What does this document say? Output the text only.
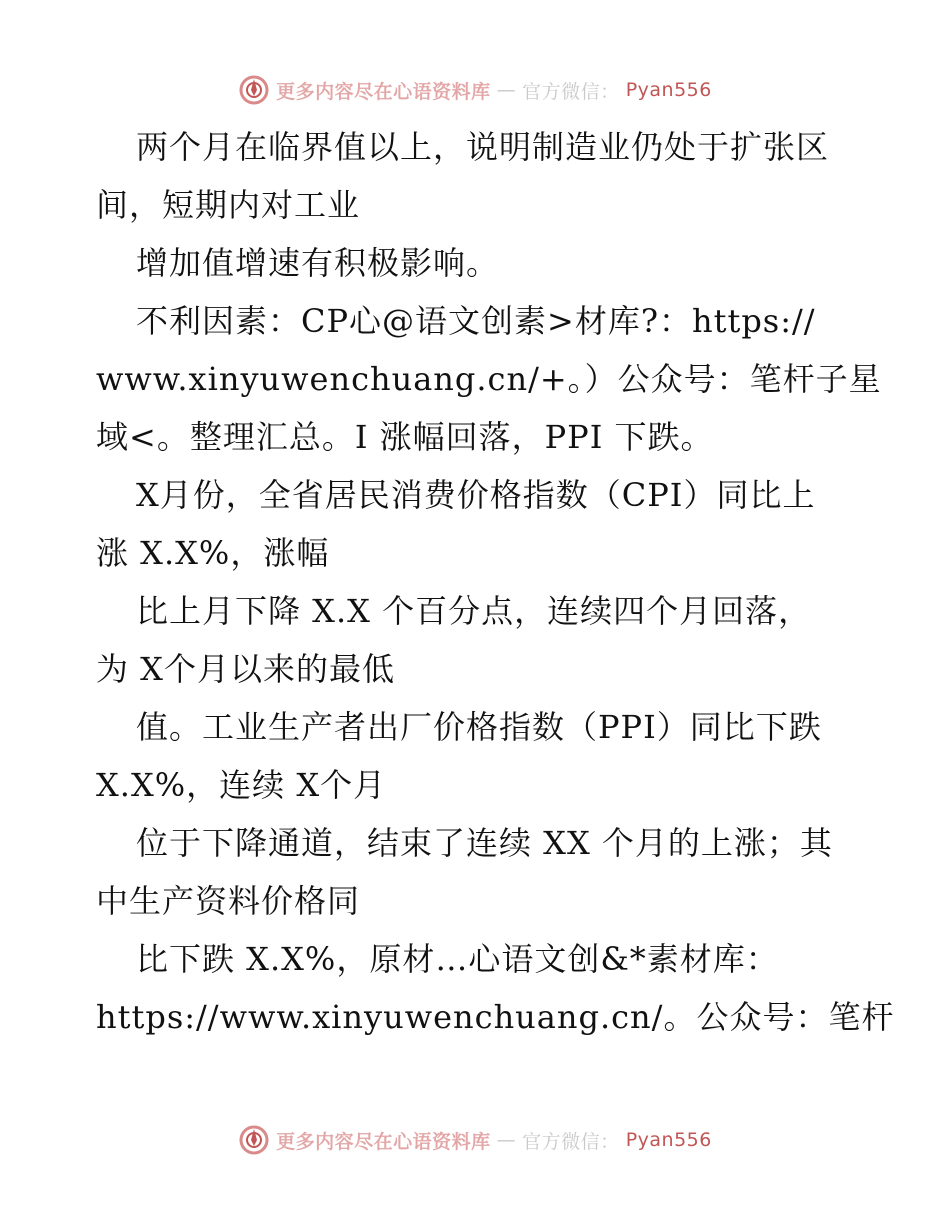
更多内容尽在心语资料库 — 官方微信： Pyan556
两个月在临界值以上，说明制造业仍处于扩张区
间，短期内对工业
增加值增速有积极影响。
不利因素：CP心@语文创素>材库?：https://
www.xinyuwenchuang.cn/+。）公众号：笔杆子星
域<。整理汇总。I 涨幅回落，PPI 下跌。
X月份，全省居民消费价格指数（CPI）同比上
涨 X.X%，涨幅
比上月下降 X.X 个百分点，连续四个月回落，
为 X个月以来的最低
值。工业生产者出厂价格指数（PPI）同比下跌
X.X%，连续 X个月
位于下降通道，结束了连续 XX 个月的上涨；其
中生产资料价格同
比下跌 X.X%，原材…心语文创&*素材库：
https://www.xinyuwenchuang.cn/。公众号：笔杆
更多内容尽在心语资料库 — 官方微信： Pyan556
